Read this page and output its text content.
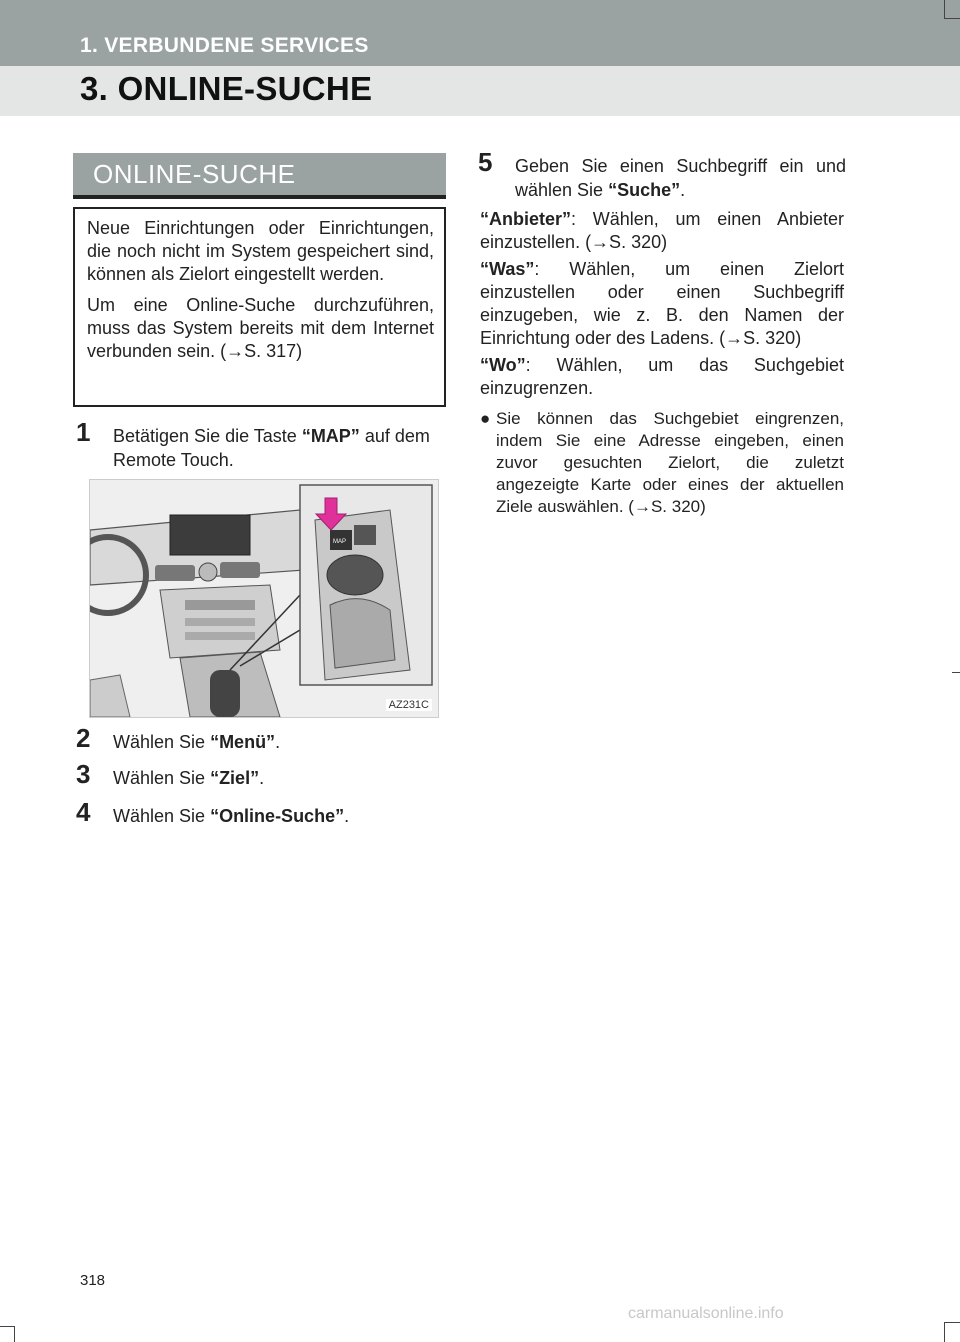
1. VERBUNDENE SERVICES
3. ONLINE-SUCHE
ONLINE-SUCHE

Neue Einrichtungen oder Einrichtungen, die noch nicht im System gespeichert sind, können als Zielort eingestellt werden.

Um eine Online-Suche durchzuführen, muss das System bereits mit dem Internet verbunden sein. (→S. 317)

1 Betätigen Sie die Taste “MAP” auf dem Remote Touch.
MAP
AZ231C
2 Wählen Sie “Menü”.
3 Wählen Sie “Ziel”.
4 Wählen Sie “Online-Suche”.
5 Geben Sie einen Suchbegriff ein und wählen Sie “Suche”.

“Anbieter”: Wählen, um einen Anbieter einzustellen. (→S. 320)

“Was”: Wählen, um einen Zielort einzustellen oder einen Suchbegriff einzugeben, wie z. B. den Namen der Einrichtung oder des Ladens. (→S. 320)

“Wo”: Wählen, um das Suchgebiet einzugrenzen.

● Sie können das Suchgebiet eingrenzen, indem Sie eine Adresse eingeben, einen zuvor gesuchten Zielort, die zuletzt angezeigte Karte oder eines der aktuellen Ziele auswählen. (→S. 320)
318
carmanualsonline.info
